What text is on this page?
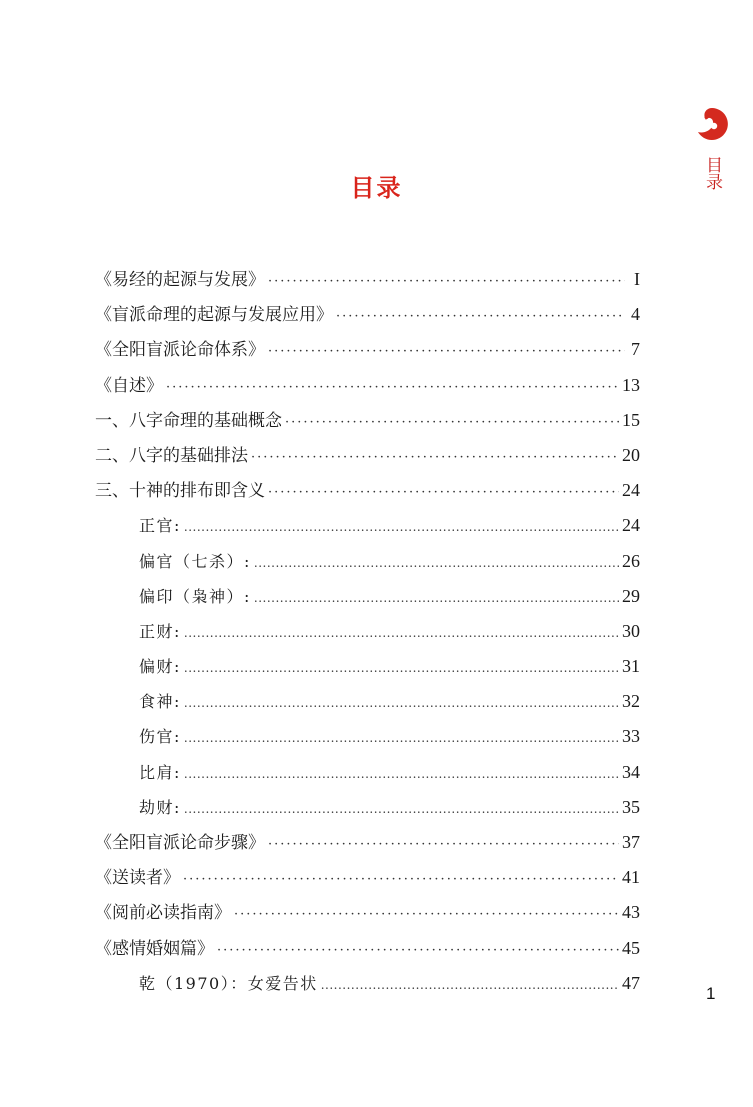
目录
目录
《易经的起源与发展》 ·····	I
《盲派命理的起源与发展应用》 ·····	4
《全阳盲派论命体系》 ·····	7
《自述》 ·····	13
一、八字命理的基础概念 ·····	15
二、八字的基础排法 ·····	20
三、十神的排布即含义 ·····	24
正官: .....	24
偏官（七杀）: .....	26
偏印（枭神）: .....	29
正财: .....	30
偏财: .....	31
食神: .....	32
伤官: .....	33
比肩: .....	34
劫财: .....	35
《全阳盲派论命步骤》 ·····	37
《送读者》 ·····	41
《阅前必读指南》 ·····	43
《感情婚姻篇》 ·····	45
乾（1970）：女爱告状 .....	47
1
